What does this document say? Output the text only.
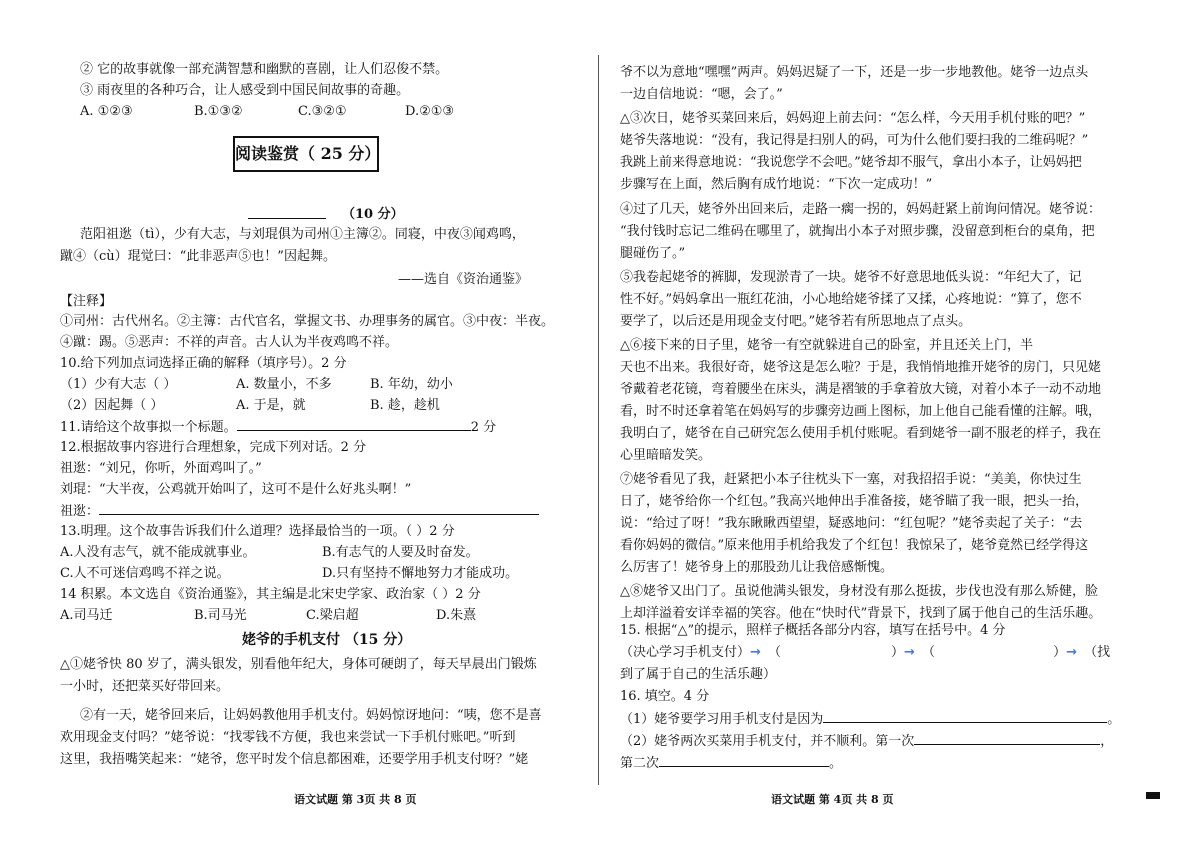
② 它的故事就像一部充满智慧和幽默的喜剧，让人们忍俊不禁。
③ 雨夜里的各种巧合，让人感受到中国民间故事的奇趣。
A. ①②③	B.①③②	C.③②①	D.②①③
阅读鉴赏（ 25 分）
（10 分）
范阳祖逖（tì），少有大志，与刘琨俱为司州①主簿②。同寝，中夜③闻鸡鸣，
蹴④（cù）琨觉曰：“此非恶声⑤也！”因起舞。
——选自《资治通鉴》
【注释】
①司州：古代州名。②主簿：古代官名，掌握文书、办理事务的属官。③中夜：半夜。
④蹴：踢。⑤恶声：不祥的声音。古人认为半夜鸡鸣不祥。
10.给下列加点词选择正确的解释（填序号）。2 分
（1）少有大志（ ）	A. 数量小，不多	B. 年幼，幼小
（2）因起舞（ ）	A. 于是，就	B. 趁，趁机
11.请给这个故事拟一个标题。	2 分
12.根据故事内容进行合理想象，完成下列对话。2 分
祖逖：“刘兄，你听，外面鸡叫了。”
刘琨：“大半夜，公鸡就开始叫了，这可不是什么好兆头啊！”
祖逖：
13.明理。这个故事告诉我们什么道理？选择最恰当的一项。（ ）2 分
A.人没有志气，就不能成就事业。	B.有志气的人要及时奋发。
C.人不可迷信鸡鸣不祥之说。	D.只有坚持不懈地努力才能成功。
14 积累。本文选自《资治通鉴》，其主编是北宋史学家、政治家（ ）2 分
A.司马迁	B.司马光	C.梁启超	D.朱熹
姥爷的手机支付 （15 分）
△①姥爷快 80 岁了，满头银发，别看他年纪大，身体可硬朗了，每天早晨出门锻炼
一小时，还把菜买好带回来。
②有一天，姥爷回来后，让妈妈教他用手机支付。妈妈惊讶地问：“咦，您不是喜
欢用现金支付吗？”姥爷说：“找零钱不方便，我也来尝试一下手机付账吧。”听到
这里，我捂嘴笑起来：“姥爷，您平时发个信息都困难，还要学用手机支付呀？”姥
语文试题 第 3页 共 8 页
爷不以为意地“嘿嘿”两声。妈妈迟疑了一下，还是一步一步地教他。姥爷一边点头
一边自信地说：“嗯，会了。”
△③次日，姥爷买菜回来后，妈妈迎上前去问：“怎么样，今天用手机付账的吧？”
姥爷失落地说：“没有，我记得是扫别人的码，可为什么他们要扫我的二维码呢？”
我跳上前来得意地说：“我说您学不会吧。”姥爷却不服气，拿出小本子，让妈妈把
步骤写在上面，然后胸有成竹地说：“下次一定成功！”
④过了几天，姥爷外出回来后，走路一瘸一拐的，妈妈赶紧上前询问情况。姥爷说：
“我付钱时忘记二维码在哪里了，就掏出小本子对照步骤，没留意到柜台的桌角，把
腿碰伤了。”
⑤我卷起姥爷的裤脚，发现淤青了一块。姥爷不好意思地低头说：“年纪大了，记
性不好。”妈妈拿出一瓶红花油，小心地给姥爷揉了又揉，心疼地说：“算了，您不
要学了，以后还是用现金支付吧。”姥爷若有所思地点了点头。
△⑥接下来的日子里，姥爷一有空就躲进自己的卧室，并且还关上门，半
天也不出来。我很好奇，姥爷这是怎么啦？于是，我悄悄地推开姥爷的房门，只见姥
爷戴着老花镜，弯着腰坐在床头，满是褶皱的手拿着放大镜，对着小本子一动不动地
看，时不时还拿着笔在妈妈写的步骤旁边画上图标，加上他自己能看懂的注解。哦，
我明白了，姥爷在自己研究怎么使用手机付账呢。看到姥爷一副不服老的样子，我在
心里暗暗发笑。
⑦姥爷看见了我，赶紧把小本子往枕头下一塞，对我招招手说：“美美，你快过生
日了，姥爷给你一个红包。”我高兴地伸出手准备接，姥爷瞄了我一眼，把头一抬，
说：“给过了呀！”我东瞅瞅西望望，疑惑地问：“红包呢？”姥爷卖起了关子：“去
看你妈妈的微信。”原来他用手机给我发了个红包！我惊呆了，姥爷竟然已经学得这
么厉害了！姥爷身上的那股劲儿让我倍感惭愧。
△⑧姥爷又出门了。虽说他满头银发，身材没有那么挺拔，步伐也没有那么矫健，脸
上却洋溢着安详幸福的笑容。他在“快时代”背景下，找到了属于他自己的生活乐趣。
15. 根据“△”的提示，照样子概括各部分内容，填写在括号中。4 分
（决心学习手机支付）→ （	）→ （	）→ （找
到了属于自己的生活乐趣）
16. 填空。4 分
（1）姥爷要学习用手机支付是因为	。
（2）姥爷两次买菜用手机支付，并不顺利。第一次	，
第二次	。
语文试题 第 4页 共 8 页
